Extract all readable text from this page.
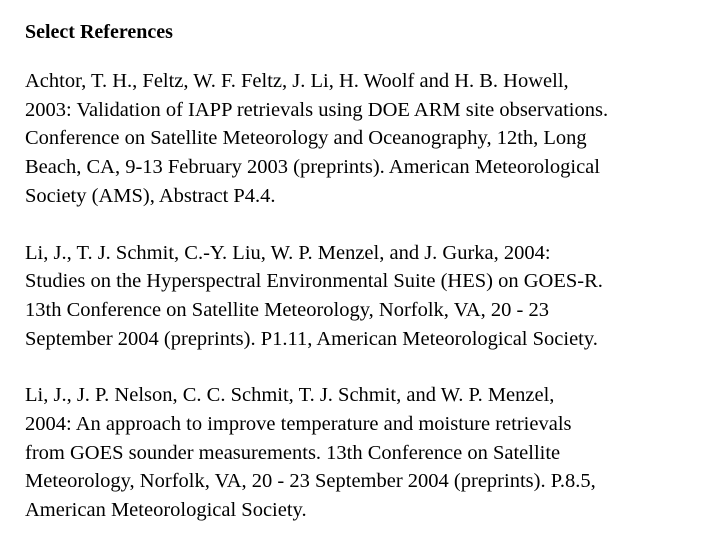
Select References
Achtor, T. H., Feltz, W. F. Feltz, J. Li, H. Woolf and H. B. Howell,
2003: Validation of IAPP retrievals using DOE ARM site observations.
Conference on Satellite Meteorology and Oceanography, 12th, Long
Beach, CA, 9-13 February 2003 (preprints). American Meteorological
Society (AMS), Abstract P4.4.
Li, J., T. J. Schmit, C.-Y. Liu, W. P. Menzel, and J. Gurka, 2004:
Studies on the Hyperspectral Environmental Suite (HES) on GOES-R.
13th Conference on Satellite Meteorology, Norfolk, VA, 20 - 23
September 2004 (preprints). P1.11, American Meteorological Society.
Li, J., J. P. Nelson, C. C. Schmit, T. J. Schmit, and W. P. Menzel,
2004: An approach to improve temperature and moisture retrievals
from GOES sounder measurements. 13th Conference on Satellite
Meteorology, Norfolk, VA, 20 - 23 September 2004 (preprints). P.8.5,
American Meteorological Society.
